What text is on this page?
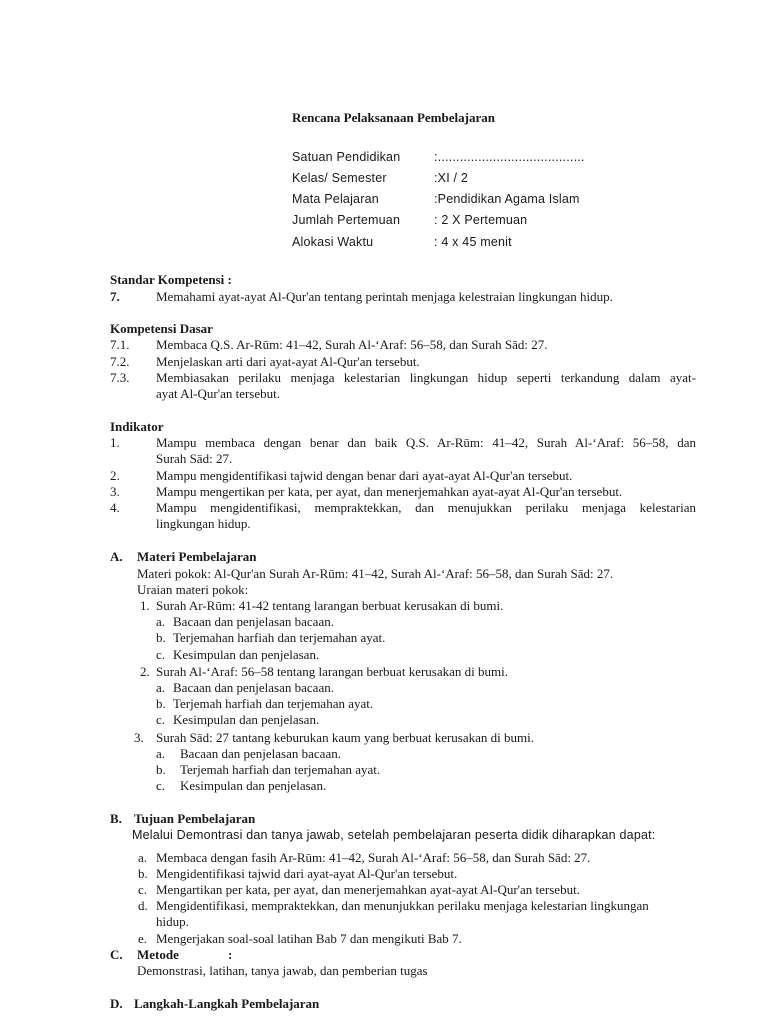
Rencana Pelaksanaan Pembelajaran
Satuan Pendidikan	:........................................
Kelas/ Semester	:XI / 2
Mata Pelajaran	:Pendidikan Agama Islam
Jumlah Pertemuan	: 2 X Pertemuan
Alokasi Waktu	: 4 x 45 menit
Standar Kompetensi :
7.	Memahami ayat-ayat Al-Qur'an tentang perintah menjaga kelestraian lingkungan hidup.
Kompetensi Dasar
7.1. Membaca Q.S. Ar-Rūm: 41–42, Surah Al-‘Araf: 56–58, dan Surah Sād: 27.
7.2. Menjelaskan arti dari ayat-ayat Al-Qur'an tersebut.
7.3. Membiasakan perilaku menjaga kelestarian lingkungan hidup seperti terkandung dalam ayat-
ayat Al-Qur'an tersebut.
Indikator
1.	Mampu membaca dengan benar dan baik Q.S. Ar-Rūm: 41–42, Surah Al-‘Araf: 56–58, dan
Surah Sād: 27.
2.	Mampu mengidentifikasi tajwid dengan benar dari ayat-ayat Al-Qur'an tersebut.
3.	Mampu mengertikan per kata, per ayat, dan menerjemahkan ayat-ayat Al-Qur'an tersebut.
4.	Mampu mengidentifikasi, mempraktekkan, dan menujukkan perilaku menjaga kelestarian
lingkungan hidup.
A. Materi Pembelajaran
Materi pokok: Al-Qur'an Surah Ar-Rūm: 41–42, Surah Al-‘Araf: 56–58, dan Surah Sād: 27.
Uraian materi pokok:
1. Surah Ar-Rūm: 41-42 tentang larangan berbuat kerusakan di bumi.
a. Bacaan dan penjelasan bacaan.
b. Terjemahan harfiah dan terjemahan ayat.
c. Kesimpulan dan penjelasan.
2. Surah Al-‘Araf: 56–58 tentang larangan berbuat kerusakan di bumi.
a. Bacaan dan penjelasan bacaan.
b. Terjemah harfiah dan terjemahan ayat.
c. Kesimpulan dan penjelasan.
3. Surah Sād: 27 tantang keburukan kaum yang berbuat kerusakan di bumi.
a. Bacaan dan penjelasan bacaan.
b. Terjemah harfiah dan terjemahan ayat.
c. Kesimpulan dan penjelasan.
B. Tujuan Pembelajaran
Melalui Demontrasi dan tanya jawab, setelah pembelajaran peserta didik diharapkan dapat:
a. Membaca dengan fasih Ar-Rūm: 41–42, Surah Al-‘Araf: 56–58, dan Surah Sād: 27.
b. Mengidentifikasi tajwid dari ayat-ayat Al-Qur'an tersebut.
c. Mengartikan per kata, per ayat, dan menerjemahkan ayat-ayat Al-Qur'an tersebut.
d. Mengidentifikasi, mempraktekkan, dan menunjukkan perilaku menjaga kelestarian lingkungan
hidup.
e. Mengerjakan soal-soal latihan Bab 7 dan mengikuti Bab 7.
C. Metode	:
Demonstrasi, latihan, tanya jawab, dan pemberian tugas
D. Langkah-Langkah Pembelajaran
